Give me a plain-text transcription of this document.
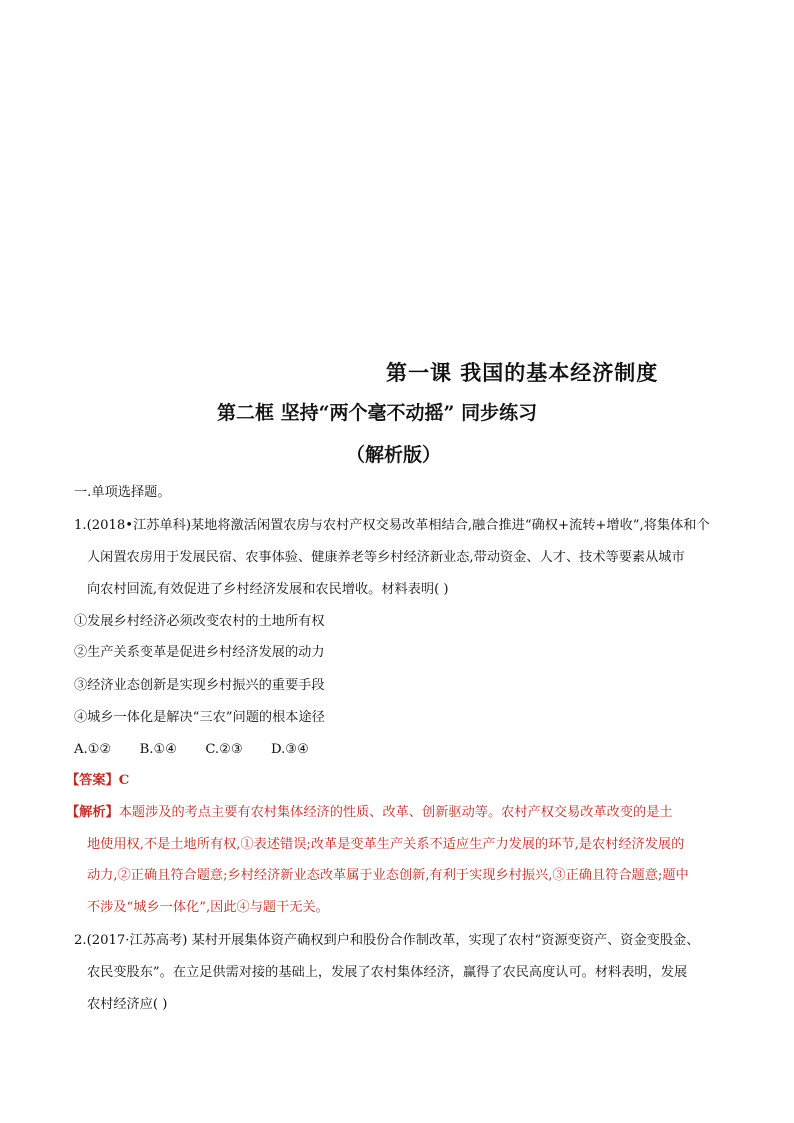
第一课 我国的基本经济制度
第二框 坚持“两个毫不动摇” 同步练习
（解析版）
一.单项选择题。
1.(2018•江苏单科)某地将激活闲置农房与农村产权交易改革相结合,融合推进“确权+流转+增收”,将集体和个
人闲置农房用于发展民宿、农事体验、健康养老等乡村经济新业态,带动资金、人才、技术等要素从城市
向农村回流,有效促进了乡村经济发展和农民增收。材料表明( )
①发展乡村经济必须改变农村的土地所有权
②生产关系变革是促进乡村经济发展的动力
③经济业态创新是实现乡村振兴的重要手段
④城乡一体化是解决“三农”问题的根本途径
A.①② B.①④ C.②③ D.③④
【答案】C
【解析】本题涉及的考点主要有农村集体经济的性质、改革、创新驱动等。农村产权交易改革改变的是土
地使用权,不是土地所有权,①表述错误;改革是变革生产关系不适应生产力发展的环节,是农村经济发展的
动力,②正确且符合题意;乡村经济新业态改革属于业态创新,有利于实现乡村振兴,③正确且符合题意;题中
不涉及“城乡一体化”,因此④与题干无关。
2.(2017·江苏高考) 某村开展集体资产确权到户和股份合作制改革，实现了农村“资源变资产、资金变股金、
农民变股东”。在立足供需对接的基础上，发展了农村集体经济，赢得了农民高度认可。材料表明，发展
农村经济应( )
